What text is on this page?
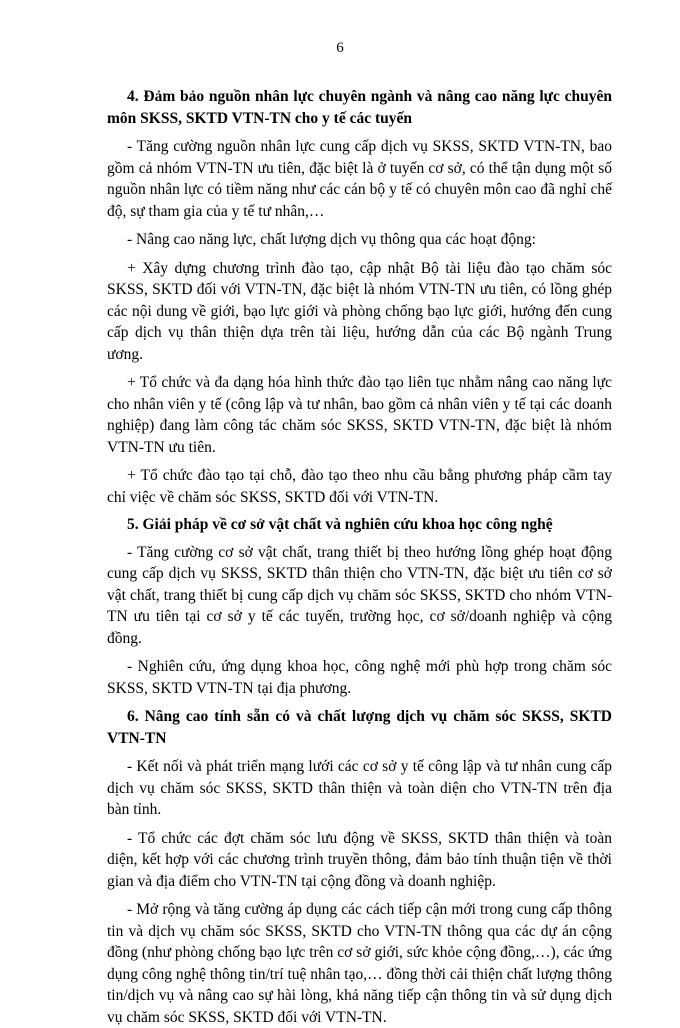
6

4. Đảm bảo nguồn nhân lực chuyên ngành và nâng cao năng lực chuyên môn SKSS, SKTD VTN-TN cho y tế các tuyến

- Tăng cường nguồn nhân lực cung cấp dịch vụ SKSS, SKTD VTN-TN, bao gồm cả nhóm VTN-TN ưu tiên, đặc biệt là ở tuyến cơ sở, có thể tận dụng một số nguồn nhân lực có tiềm năng như các cán bộ y tế có chuyên môn cao đã nghỉ chế độ, sự tham gia của y tế tư nhân,…

- Nâng cao năng lực, chất lượng dịch vụ thông qua các hoạt động:

+ Xây dựng chương trình đào tạo, cập nhật Bộ tài liệu đào tạo chăm sóc SKSS, SKTD đối với VTN-TN, đặc biệt là nhóm VTN-TN ưu tiên, có lồng ghép các nội dung về giới, bạo lực giới và phòng chống bạo lực giới, hướng đến cung cấp dịch vụ thân thiện dựa trên tài liệu, hướng dẫn của các Bộ ngành Trung ương.

+ Tổ chức và đa dạng hóa hình thức đào tạo liên tục nhằm nâng cao năng lực cho nhân viên y tế (công lập và tư nhân, bao gồm cả nhân viên y tế tại các doanh nghiệp) đang làm công tác chăm sóc SKSS, SKTD VTN-TN, đặc biệt là nhóm VTN-TN ưu tiên.

+ Tổ chức đào tạo tại chỗ, đào tạo theo nhu cầu bằng phương pháp cầm tay chỉ việc về chăm sóc SKSS, SKTD đối với VTN-TN.

5. Giải pháp về cơ sở vật chất và nghiên cứu khoa học công nghệ

- Tăng cường cơ sở vật chất, trang thiết bị theo hướng lồng ghép hoạt động cung cấp dịch vụ SKSS, SKTD thân thiện cho VTN-TN, đặc biệt ưu tiên cơ sở vật chất, trang thiết bị cung cấp dịch vụ chăm sóc SKSS, SKTD cho nhóm VTN- TN ưu tiên tại cơ sở y tế các tuyến, trường học, cơ sở/doanh nghiệp và cộng đồng.

- Nghiên cứu, ứng dụng khoa học, công nghệ mới phù hợp trong chăm sóc SKSS, SKTD VTN-TN tại địa phương.

6. Nâng cao tính sẵn có và chất lượng dịch vụ chăm sóc SKSS, SKTD VTN-TN

- Kết nối và phát triển mạng lưới các cơ sở y tế công lập và tư nhân cung cấp dịch vụ chăm sóc SKSS, SKTD thân thiện và toàn diện cho VTN-TN trên địa bàn tỉnh.

- Tổ chức các đợt chăm sóc lưu động về SKSS, SKTD thân thiện và toàn diện, kết hợp với các chương trình truyền thông, đảm bảo tính thuận tiện về thời gian và địa điểm cho VTN-TN tại cộng đồng và doanh nghiệp.

- Mở rộng và tăng cường áp dụng các cách tiếp cận mới trong cung cấp thông tin và dịch vụ chăm sóc SKSS, SKTD cho VTN-TN thông qua các dự án cộng đồng (như phòng chống bạo lực trên cơ sở giới, sức khỏe cộng đồng,…), các ứng dụng công nghệ thông tin/trí tuệ nhân tạo,… đồng thời cải thiện chất lượng thông tin/dịch vụ và nâng cao sự hài lòng, khả năng tiếp cận thông tin và sử dụng dịch vụ chăm sóc SKSS, SKTD đối với VTN-TN.
